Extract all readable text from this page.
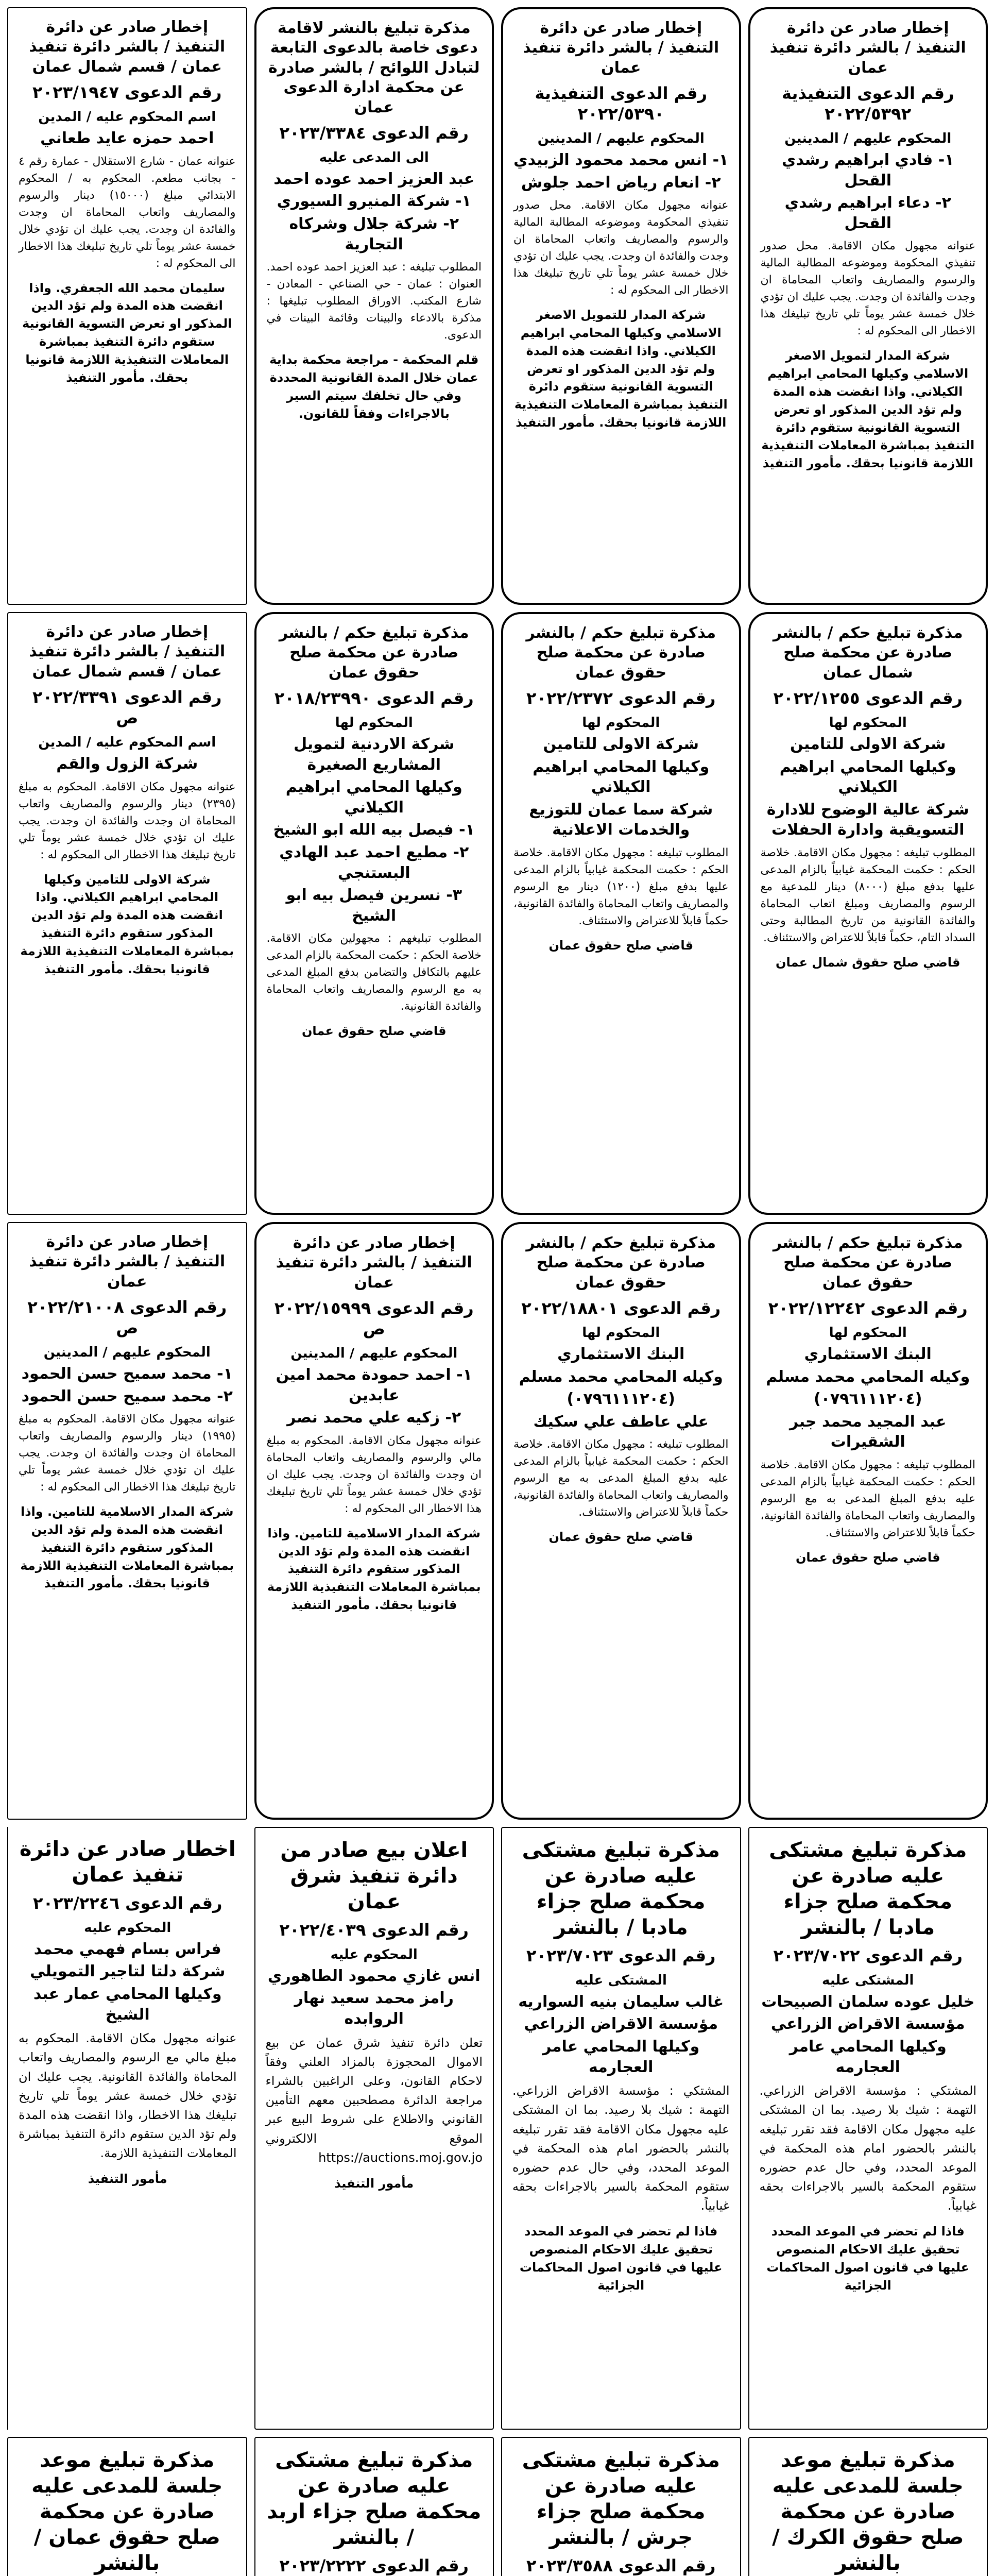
إخطار صادر عن دائرة التنفيذ / بالشر دائرة تنفيذ عمان
رقم الدعوى التنفيذية ٢٠٢٢/٥٣٩٢
المحكوم عليهم / المدينين
١- فادي ابراهيم رشدي القحل
٢- دعاء ابراهيم رشدي القحل
عنوانه مجهول مكان الاقامة. محل صدور تنفيذي المحكومة وموضوعه المطالبة المالية والرسوم والمصاريف واتعاب المحاماة ان وجدت والفائدة ان وجدت. يجب عليك ان تؤدي خلال خمسة عشر يوماً تلي تاريخ تبليغك هذا الاخطار الى المحكوم له :
شركة المدار لتمويل الاصغر الاسلامي وكيلها المحامي ابراهيم الكيلاني. واذا انقضت هذه المدة ولم تؤد الدين المذكور او تعرض التسوية القانونية ستقوم دائرة التنفيذ بمباشرة المعاملات التنفيذية اللازمة قانونيا بحقك. مأمور التنفيذ
إخطار صادر عن دائرة التنفيذ / بالشر دائرة تنفيذ عمان
رقم الدعوى التنفيذية ٢٠٢٢/٥٣٩٠
المحكوم عليهم / المدينين
١- انس محمد محمود الزبيدي
٢- انعام رياض احمد جلوش
عنوانه مجهول مكان الاقامة. محل صدور تنفيذي المحكومة وموضوعه المطالبة المالية والرسوم والمصاريف واتعاب المحاماة ان وجدت والفائدة ان وجدت. يجب عليك ان تؤدي خلال خمسة عشر يوماً تلي تاريخ تبليغك هذا الاخطار الى المحكوم له :
شركة المدار للتمويل الاصغر الاسلامي وكيلها المحامي ابراهيم الكيلاني. واذا انقضت هذه المدة ولم تؤد الدين المذكور او تعرض التسوية القانونية ستقوم دائرة التنفيذ بمباشرة المعاملات التنفيذية اللازمة قانونيا بحقك. مأمور التنفيذ
مذكرة تبليغ بالنشر لاقامة دعوى خاصة بالدعوى التابعة لتبادل اللوائح / بالشر صادرة عن محكمة ادارة الدعوى عمان
رقم الدعوى ٢٠٢٣/٣٣٨٤
الى المدعى عليه
عبد العزيز احمد عوده احمد
١- شركة المنيرو السيوري
٢- شركة جلال وشركاه التجارية
المطلوب تبليغه : عبد العزيز احمد عوده احمد. العنوان : عمان - حي الصناعي - المعادن - شارع المكتب. الاوراق المطلوب تبليغها : مذكرة بالادعاء والبينات وقائمة البينات في الدعوى.
قلم المحكمة - مراجعة محكمة بداية عمان خلال المدة القانونية المحددة وفي حال تخلفك سيتم السير بالاجراءات وفقاً للقانون.
إخطار صادر عن دائرة التنفيذ / بالشر دائرة تنفيذ عمان / قسم شمال عمان
رقم الدعوى ٢٠٢٣/١٩٤٧
اسم المحكوم عليه / المدين
احمد حمزه عايد طعاني
عنوانه عمان - شارع الاستقلال - عمارة رقم ٤ - بجانب مطعم. المحكوم به / المحكوم الابتدائي مبلغ (١٥٠٠٠) دينار والرسوم والمصاريف واتعاب المحاماة ان وجدت والفائدة ان وجدت. يجب عليك ان تؤدي خلال خمسة عشر يوماً تلي تاريخ تبليغك هذا الاخطار الى المحكوم له :
سليمان محمد الله الجعفري. واذا انقضت هذه المدة ولم تؤد الدين المذكور او تعرض التسوية القانونية ستقوم دائرة التنفيذ بمباشرة المعاملات التنفيذية اللازمة قانونيا بحقك. مأمور التنفيذ
مذكرة تبليغ حكم / بالنشر صادرة عن محكمة صلح شمال عمان
رقم الدعوى ٢٠٢٢/١٢٥٥
المحكوم لها
شركة الاولى للتامين
وكيلها المحامي ابراهيم الكيلاني
شركة عالية الوضوح للادارة التسويقية وادارة الحفلات
المطلوب تبليغه : مجهول مكان الاقامة. خلاصة الحكم : حكمت المحكمة غيابياً بالزام المدعى عليها بدفع مبلغ (٨٠٠٠) دينار للمدعية مع الرسوم والمصاريف ومبلغ اتعاب المحاماة والفائدة القانونية من تاريخ المطالبة وحتى السداد التام، حكماً قابلاً للاعتراض والاستئناف.
قاضي صلح حقوق شمال عمان
مذكرة تبليغ حكم / بالنشر صادرة عن محكمة صلح حقوق عمان
رقم الدعوى ٢٠٢٢/٢٣٧٢
المحكوم لها
شركة الاولى للتامين
وكيلها المحامي ابراهيم الكيلاني
شركة سما عمان للتوزيع والخدمات الاعلانية
المطلوب تبليغه : مجهول مكان الاقامة. خلاصة الحكم : حكمت المحكمة غيابياً بالزام المدعى عليها بدفع مبلغ (١٢٠٠) دينار مع الرسوم والمصاريف واتعاب المحاماة والفائدة القانونية، حكماً قابلاً للاعتراض والاستئناف.
قاضي صلح حقوق عمان
مذكرة تبليغ حكم / بالنشر صادرة عن محكمة صلح حقوق عمان
رقم الدعوى ٢٠١٨/٢٣٩٩٠
المحكوم لها
شركة الاردنية لتمويل المشاريع الصغيرة
وكيلها المحامي ابراهيم الكيلاني
١- فيصل بيه الله ابو الشيخ
٢- مطيع احمد عبد الهادي البستنجي
٣- نسرين فيصل بيه ابو الشيخ
المطلوب تبليغهم : مجهولين مكان الاقامة. خلاصة الحكم : حكمت المحكمة بالزام المدعى عليهم بالتكافل والتضامن بدفع المبلغ المدعى به مع الرسوم والمصاريف واتعاب المحاماة والفائدة القانونية.
قاضي صلح حقوق عمان
إخطار صادر عن دائرة التنفيذ / بالشر دائرة تنفيذ عمان / قسم شمال عمان
رقم الدعوى ٢٠٢٢/٣٣٩١ ص
اسم المحكوم عليه / المدين
شركة الزول والقم
عنوانه مجهول مكان الاقامة. المحكوم به مبلغ (٢٣٩٥) دينار والرسوم والمصاريف واتعاب المحاماة ان وجدت والفائدة ان وجدت. يجب عليك ان تؤدي خلال خمسة عشر يوماً تلي تاريخ تبليغك هذا الاخطار الى المحكوم له :
شركة الاولى للتامين وكيلها المحامي ابراهيم الكيلاني. واذا انقضت هذه المدة ولم تؤد الدين المذكور ستقوم دائرة التنفيذ بمباشرة المعاملات التنفيذية اللازمة قانونيا بحقك. مأمور التنفيذ
مذكرة تبليغ حكم / بالنشر صادرة عن محكمة صلح حقوق عمان
رقم الدعوى ٢٠٢٢/١٢٢٤٢
المحكوم لها
البنك الاستثماري
وكيله المحامي محمد مسلم
(٠٧٩٦١١١٢٠٤)
عبد المجيد محمد جبر الشقيرات
المطلوب تبليغه : مجهول مكان الاقامة. خلاصة الحكم : حكمت المحكمة غيابياً بالزام المدعى عليه بدفع المبلغ المدعى به مع الرسوم والمصاريف واتعاب المحاماة والفائدة القانونية، حكماً قابلاً للاعتراض والاستئناف.
قاضي صلح حقوق عمان
مذكرة تبليغ حكم / بالنشر صادرة عن محكمة صلح حقوق عمان
رقم الدعوى ٢٠٢٢/١٨٨٠١
المحكوم لها
البنك الاستثماري
وكيله المحامي محمد مسلم
(٠٧٩٦١١١٢٠٤)
علي عاطف علي سكيك
المطلوب تبليغه : مجهول مكان الاقامة. خلاصة الحكم : حكمت المحكمة غيابياً بالزام المدعى عليه بدفع المبلغ المدعى به مع الرسوم والمصاريف واتعاب المحاماة والفائدة القانونية، حكماً قابلاً للاعتراض والاستئناف.
قاضي صلح حقوق عمان
إخطار صادر عن دائرة التنفيذ / بالشر دائرة تنفيذ عمان
رقم الدعوى ٢٠٢٢/١٥٩٩٩ ص
المحكوم عليهم / المدينين
١- احمد حمودة محمد امين عابدين
٢- زكيه علي محمد نصر
عنوانه مجهول مكان الاقامة. المحكوم به مبلغ مالي والرسوم والمصاريف واتعاب المحاماة ان وجدت والفائدة ان وجدت. يجب عليك ان تؤدي خلال خمسة عشر يوماً تلي تاريخ تبليغك هذا الاخطار الى المحكوم له :
شركة المدار الاسلامية للتامين. واذا انقضت هذه المدة ولم تؤد الدين المذكور ستقوم دائرة التنفيذ بمباشرة المعاملات التنفيذية اللازمة قانونيا بحقك. مأمور التنفيذ
إخطار صادر عن دائرة التنفيذ / بالشر دائرة تنفيذ عمان
رقم الدعوى ٢٠٢٢/٢١٠٠٨ ص
المحكوم عليهم / المدينين
١- محمد سميح حسن الحمود
٢- محمد سميح حسن الحمود
عنوانه مجهول مكان الاقامة. المحكوم به مبلغ (١٩٩٥) دينار والرسوم والمصاريف واتعاب المحاماة ان وجدت والفائدة ان وجدت. يجب عليك ان تؤدي خلال خمسة عشر يوماً تلي تاريخ تبليغك هذا الاخطار الى المحكوم له :
شركة المدار الاسلامية للتامين. واذا انقضت هذه المدة ولم تؤد الدين المذكور ستقوم دائرة التنفيذ بمباشرة المعاملات التنفيذية اللازمة قانونيا بحقك. مأمور التنفيذ
مذكرة تبليغ مشتكى عليه صادرة عن محكمة صلح جزاء مادبا / بالنشر
رقم الدعوى ٢٠٢٣/٧٠٢٢
المشتكى عليه
خليل عوده سلمان الصبيحات
مؤسسة الاقراض الزراعي
وكيلها المحامي عامر العجارمه
المشتكي : مؤسسة الاقراض الزراعي. التهمة : شيك بلا رصيد. بما ان المشتكى عليه مجهول مكان الاقامة فقد تقرر تبليغه بالنشر بالحضور امام هذه المحكمة في الموعد المحدد، وفي حال عدم حضوره ستقوم المحكمة بالسير بالاجراءات بحقه غيابياً.
فاذا لم تحضر في الموعد المحدد تحقيق عليك الاحكام المنصوص عليها في قانون اصول المحاكمات الجزائية
مذكرة تبليغ مشتكى عليه صادرة عن محكمة صلح جزاء مادبا / بالنشر
رقم الدعوى ٢٠٢٣/٧٠٢٣
المشتكى عليه
غالب سليمان بنيه السواريه
مؤسسة الاقراض الزراعي
وكيلها المحامي عامر العجارمه
المشتكي : مؤسسة الاقراض الزراعي. التهمة : شيك بلا رصيد. بما ان المشتكى عليه مجهول مكان الاقامة فقد تقرر تبليغه بالنشر بالحضور امام هذه المحكمة في الموعد المحدد، وفي حال عدم حضوره ستقوم المحكمة بالسير بالاجراءات بحقه غيابياً.
فاذا لم تحضر في الموعد المحدد تحقيق عليك الاحكام المنصوص عليها في قانون اصول المحاكمات الجزائية
اعلان بيع صادر من دائرة تنفيذ شرق عمان
رقم الدعوى ٢٠٢٢/٤٠٣٩
المحكوم عليه
انس غازي محمود الطاهوري
رامز محمد سعيد نهار الروابده
تعلن دائرة تنفيذ شرق عمان عن بيع الاموال المحجوزة بالمزاد العلني وفقاً لاحكام القانون، وعلى الراغبين بالشراء مراجعة الدائرة مصطحبين معهم التأمين القانوني والاطلاع على شروط البيع عبر الموقع الالكتروني https://auctions.moj.gov.jo
مأمور التنفيذ
اخطار صادر عن دائرة تنفيذ عمان
رقم الدعوى ٢٠٢٣/٢٢٤٦
المحكوم عليه
فراس بسام فهمي محمد
شركة دلتا لتاجير التمويلي
وكيلها المحامي عمار عبد الشيخ
عنوانه مجهول مكان الاقامة. المحكوم به مبلغ مالي مع الرسوم والمصاريف واتعاب المحاماة والفائدة القانونية. يجب عليك ان تؤدي خلال خمسة عشر يوماً تلي تاريخ تبليغك هذا الاخطار، واذا انقضت هذه المدة ولم تؤد الدين ستقوم دائرة التنفيذ بمباشرة المعاملات التنفيذية اللازمة.
مأمور التنفيذ
مذكرة تبليغ موعد جلسة للمدعى عليه صادرة عن محكمة صلح حقوق الكرك / بالنشر
مذكرة تبليغ مشتكى عليه صادرة عن محكمة صلح جزاء جرش / بالنشر
رقم الدعوى ٢٠٢٣/٣٥٨٨
مذكرة تبليغ مشتكى عليه صادرة عن محكمة صلح جزاء اربد / بالنشر
رقم الدعوى ٢٠٢٣/٢٢٢٢
مذكرة تبليغ موعد جلسة للمدعى عليه صادرة عن محكمة صلح حقوق عمان / بالنشر
